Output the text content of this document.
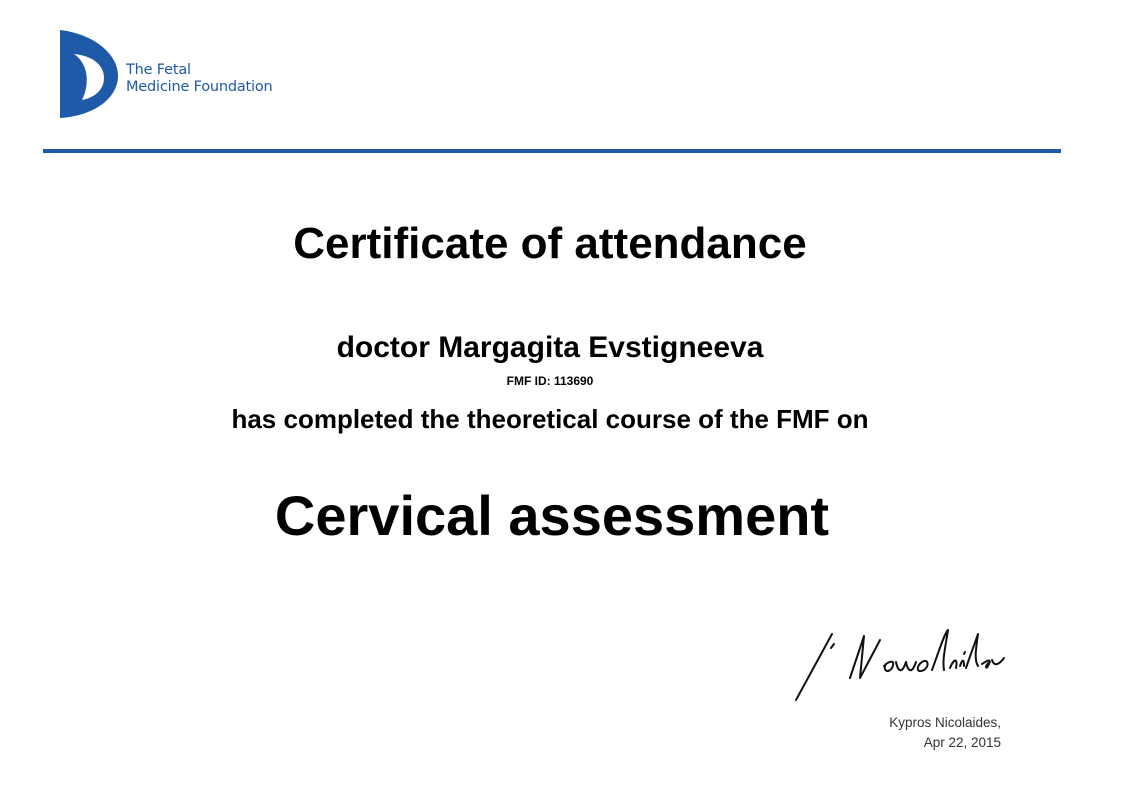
The Fetal
Medicine Foundation
Certificate of attendance
doctor Margagita Evstigneeva
FMF ID: 113690
has completed the theoretical course of the FMF on
Cervical assessment
Kypros Nicolaides,
Apr 22, 2015
